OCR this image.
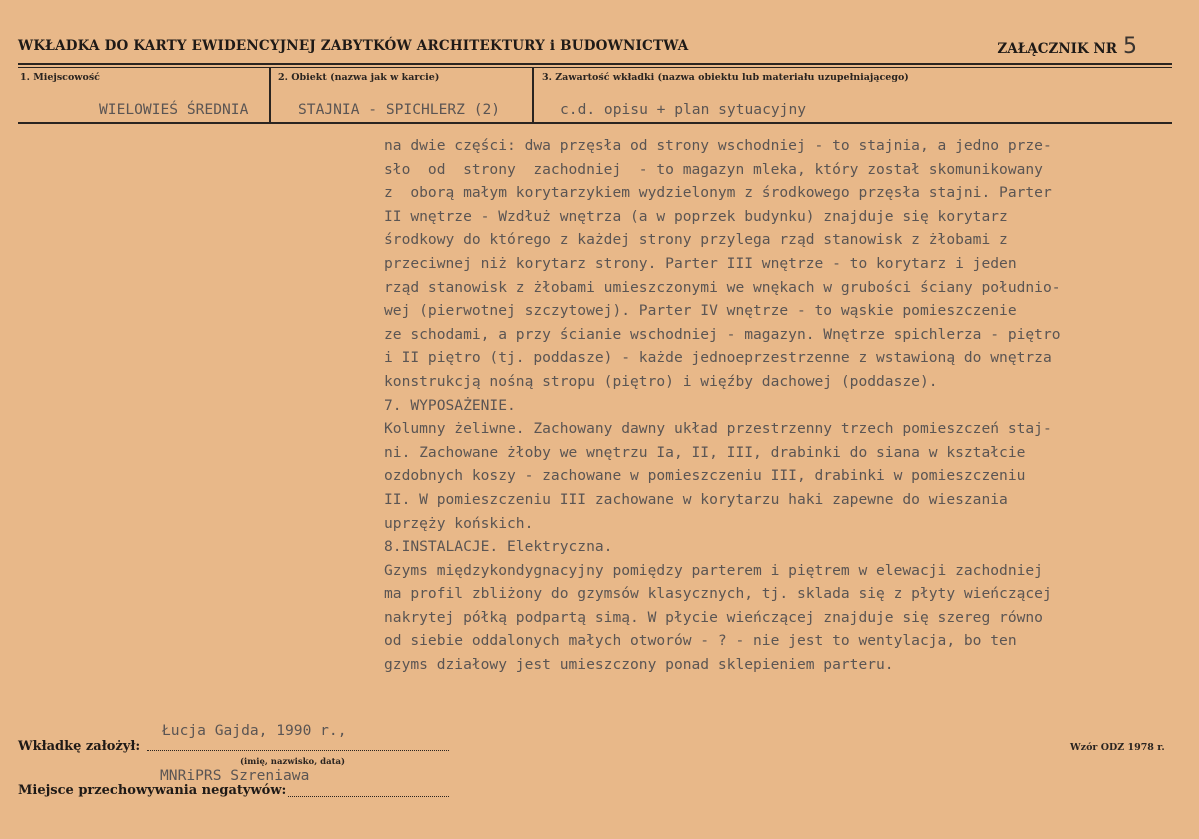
WKŁADKA DO KARTY EWIDENCYJNEJ ZABYTKÓW ARCHITEKTURY i BUDOWNICTWA	ZAŁĄCZNIK NR 5
1. Miejscowość	2. Obiekt (nazwa jak w karcie)	3. Zawartość wkładki (nazwa obiektu lub materiału uzupełniającego)
WIELOWIEŚ ŚREDNIA	STAJNIA - SPICHLERZ (2)	c.d. opisu + plan sytuacyjny
na dwie części: dwa przęsła od strony wschodniej - to stajnia, a jedno prze-
sło  od  strony  zachodniej  - to magazyn mleka, który został skomunikowany
z  oborą małym korytarzykiem wydzielonym z środkowego przęsła stajni. Parter
II wnętrze - Wzdłuż wnętrza (a w poprzek budynku) znajduje się korytarz
środkowy do którego z każdej strony przylega rząd stanowisk z żłobami z
przeciwnej niż korytarz strony. Parter III wnętrze - to korytarz i jeden
rząd stanowisk z żłobami umieszczonymi we wnękach w grubości ściany południo-
wej (pierwotnej szczytowej). Parter IV wnętrze - to wąskie pomieszczenie
ze schodami, a przy ścianie wschodniej - magazyn. Wnętrze spichlerza - piętro
i II piętro (tj. poddasze) - każde jednoeprzestrzenne z wstawioną do wnętrza
konstrukcją nośną stropu (piętro) i więźby dachowej (poddasze).
7. WYPOSAŻENIE.
Kolumny żeliwne. Zachowany dawny układ przestrzenny trzech pomieszczeń staj-
ni. Zachowane żłoby we wnętrzu Ia, II, III, drabinki do siana w kształcie
ozdobnych koszy - zachowane w pomieszczeniu III, drabinki w pomieszczeniu
II. W pomieszczeniu III zachowane w korytarzu haki zapewne do wieszania
uprzęży końskich.
8.INSTALACJE. Elektryczna.
Gzyms międzykondygnacyjny pomiędzy parterem i piętrem w elewacji zachodniej
ma profil zbliżony do gzymsów klasycznych, tj. sklada się z płyty wieńczącej
nakrytej półką podpartą simą. W płycie wieńczącej znajduje się szereg równo
od siebie oddalonych małych otworów - ? - nie jest to wentylacja, bo ten
gzyms działowy jest umieszczony ponad sklepieniem parteru.
Łucja Gajda, 1990 r.,
Wkładkę założył:
(imię, nazwisko, data)
MNRiPRS Szreniawa
Miejsce przechowywania negatywów:
Wzór ODZ 1978 r.
